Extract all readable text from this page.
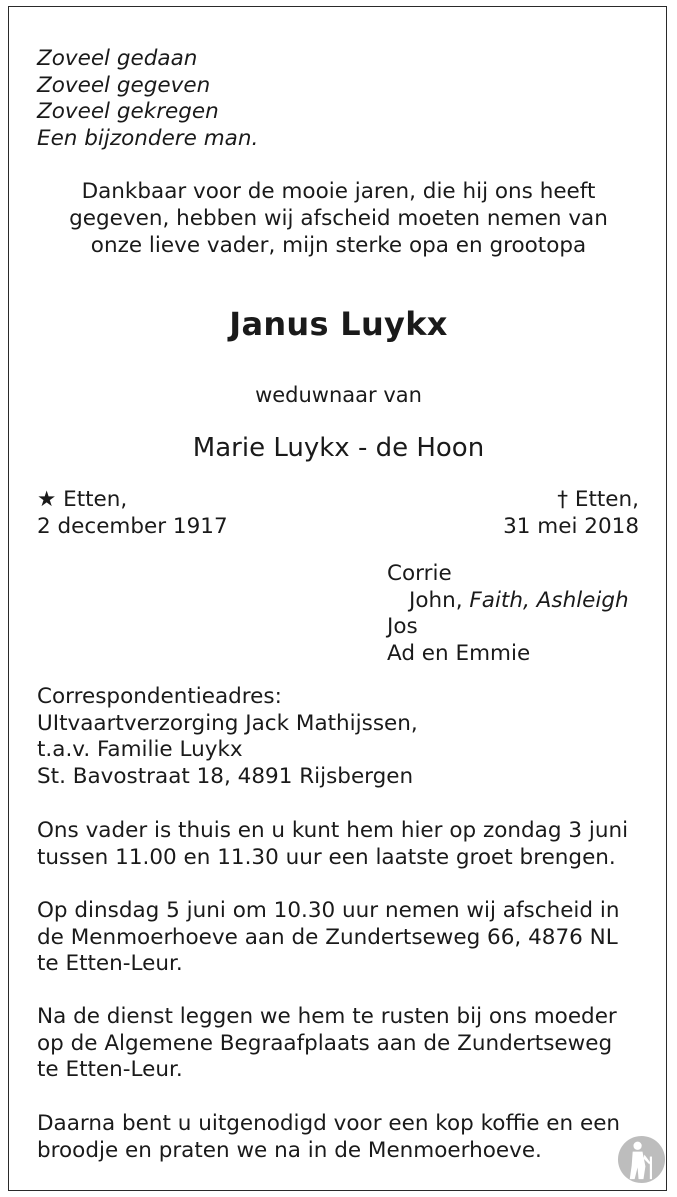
Zoveel gedaan
Zoveel gegeven
Zoveel gekregen
Een bijzondere man.
Dankbaar voor de mooie jaren, die hij ons heeft
gegeven, hebben wij afscheid moeten nemen van
onze lieve vader, mijn sterke opa en grootopa
Janus Luykx
weduwnaar van
Marie Luykx - de Hoon
★ Etten,
2 december 1917
† Etten,
31 mei 2018
Corrie
John, Faith, Ashleigh
Jos
Ad en Emmie
Correspondentieadres:
UItvaartverzorging Jack Mathijssen,
t.a.v. Familie Luykx
St. Bavostraat 18, 4891 Rijsbergen
Ons vader is thuis en u kunt hem hier op zondag 3 juni
tussen 11.00 en 11.30 uur een laatste groet brengen.
Op dinsdag 5 juni om 10.30 uur nemen wij afscheid in
de Menmoerhoeve aan de Zundertseweg 66, 4876 NL
te Etten-Leur.
Na de dienst leggen we hem te rusten bij ons moeder
op de Algemene Begraafplaats aan de Zundertseweg
te Etten-Leur.
Daarna bent u uitgenodigd voor een kop koffie en een
broodje en praten we na in de Menmoerhoeve.
